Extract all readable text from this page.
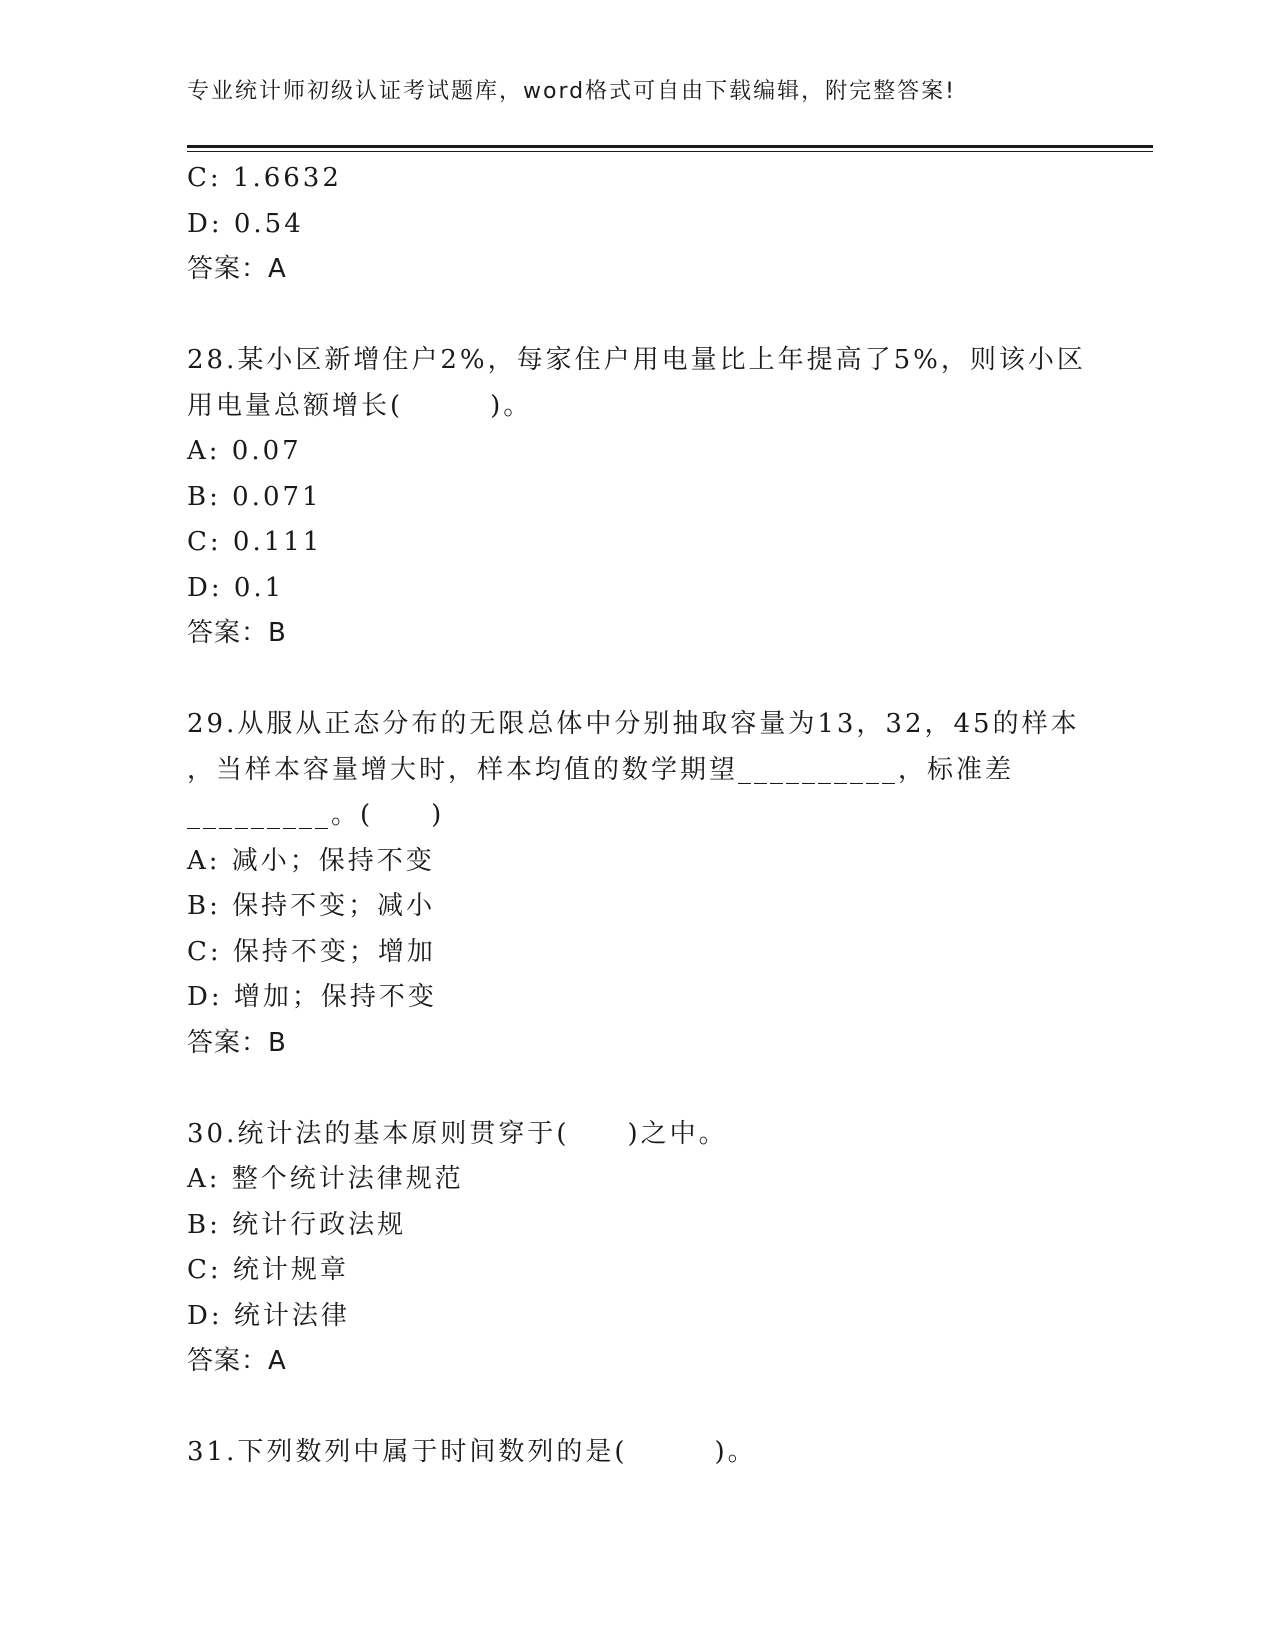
专业统计师初级认证考试题库，word格式可自由下载编辑，附完整答案!
C: 1.6632
D: 0.54
答案：A
28.某小区新增住户2%，每家住户用电量比上年提高了5%，则该小区
用电量总额增长(　　　)。
A: 0.07
B: 0.071
C: 0.111
D: 0.1
答案：B
29.从服从正态分布的无限总体中分别抽取容量为13，32，45的样本
，当样本容量增大时，样本均值的数学期望__________，标准差
_________。(　　)
A: 减小；保持不变
B: 保持不变；减小
C: 保持不变；增加
D: 增加；保持不变
答案：B
30.统计法的基本原则贯穿于(　　)之中。
A: 整个统计法律规范
B: 统计行政法规
C: 统计规章
D: 统计法律
答案：A
31.下列数列中属于时间数列的是(　　　)。
